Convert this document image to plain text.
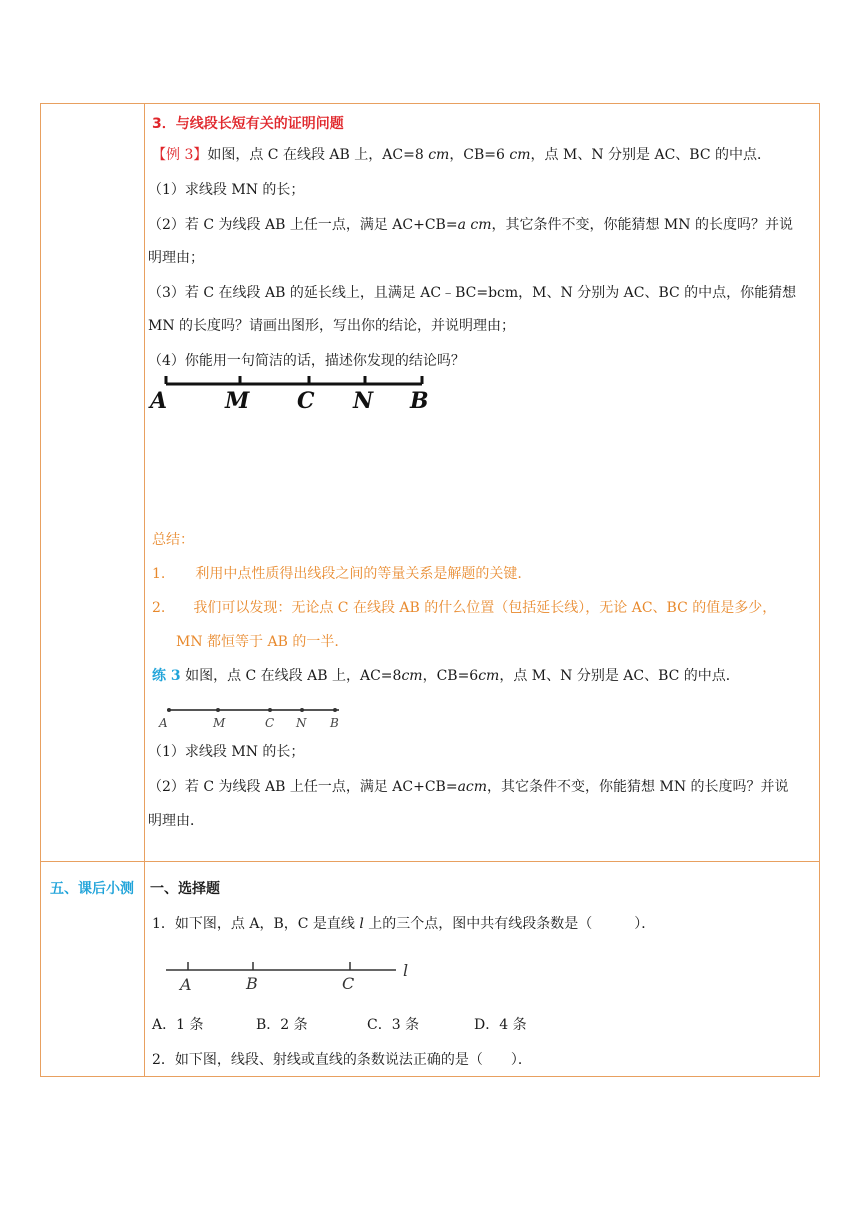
3．与线段长短有关的证明问题
【例 3】如图，点 C 在线段 AB 上，AC=8 cm，CB=6 cm，点 M、N 分别是 AC、BC 的中点．
（1）求线段 MN 的长；
（2）若 C 为线段 AB 上任一点，满足 AC+CB=a cm，其它条件不变，你能猜想 MN 的长度吗？并说
明理由；
（3）若 C 在线段 AB 的延长线上，且满足 AC﹣BC=bcm，M、N 分别为 AC、BC 的中点，你能猜想
MN 的长度吗？请画出图形，写出你的结论，并说明理由；
（4）你能用一句简洁的话，描述你发现的结论吗？
A	M C N B
总结：
1. 利用中点性质得出线段之间的等量关系是解题的关键.
2. 我们可以发现：无论点 C 在线段 AB 的什么位置（包括延长线），无论 AC、BC 的值是多少，
MN 都恒等于 AB 的一半.
练 3 如图，点 C 在线段 AB 上，AC=8cm，CB=6cm，点 M、N 分别是 AC、BC 的中点．
A	M	C N B
（1）求线段 MN 的长；
（2）若 C 为线段 AB 上任一点，满足 AC+CB=acm，其它条件不变，你能猜想 MN 的长度吗？并说
明理由．
五、课后小测 一、选择题
1．如下图，点 A，B，C 是直线 l 上的三个点，图中共有线段条数是（　　　）．
A	B	C
l
A．1 条	B．2 条	C．3 条	D．4 条
2．如下图，线段、射线或直线的条数说法正确的是（　　）．
